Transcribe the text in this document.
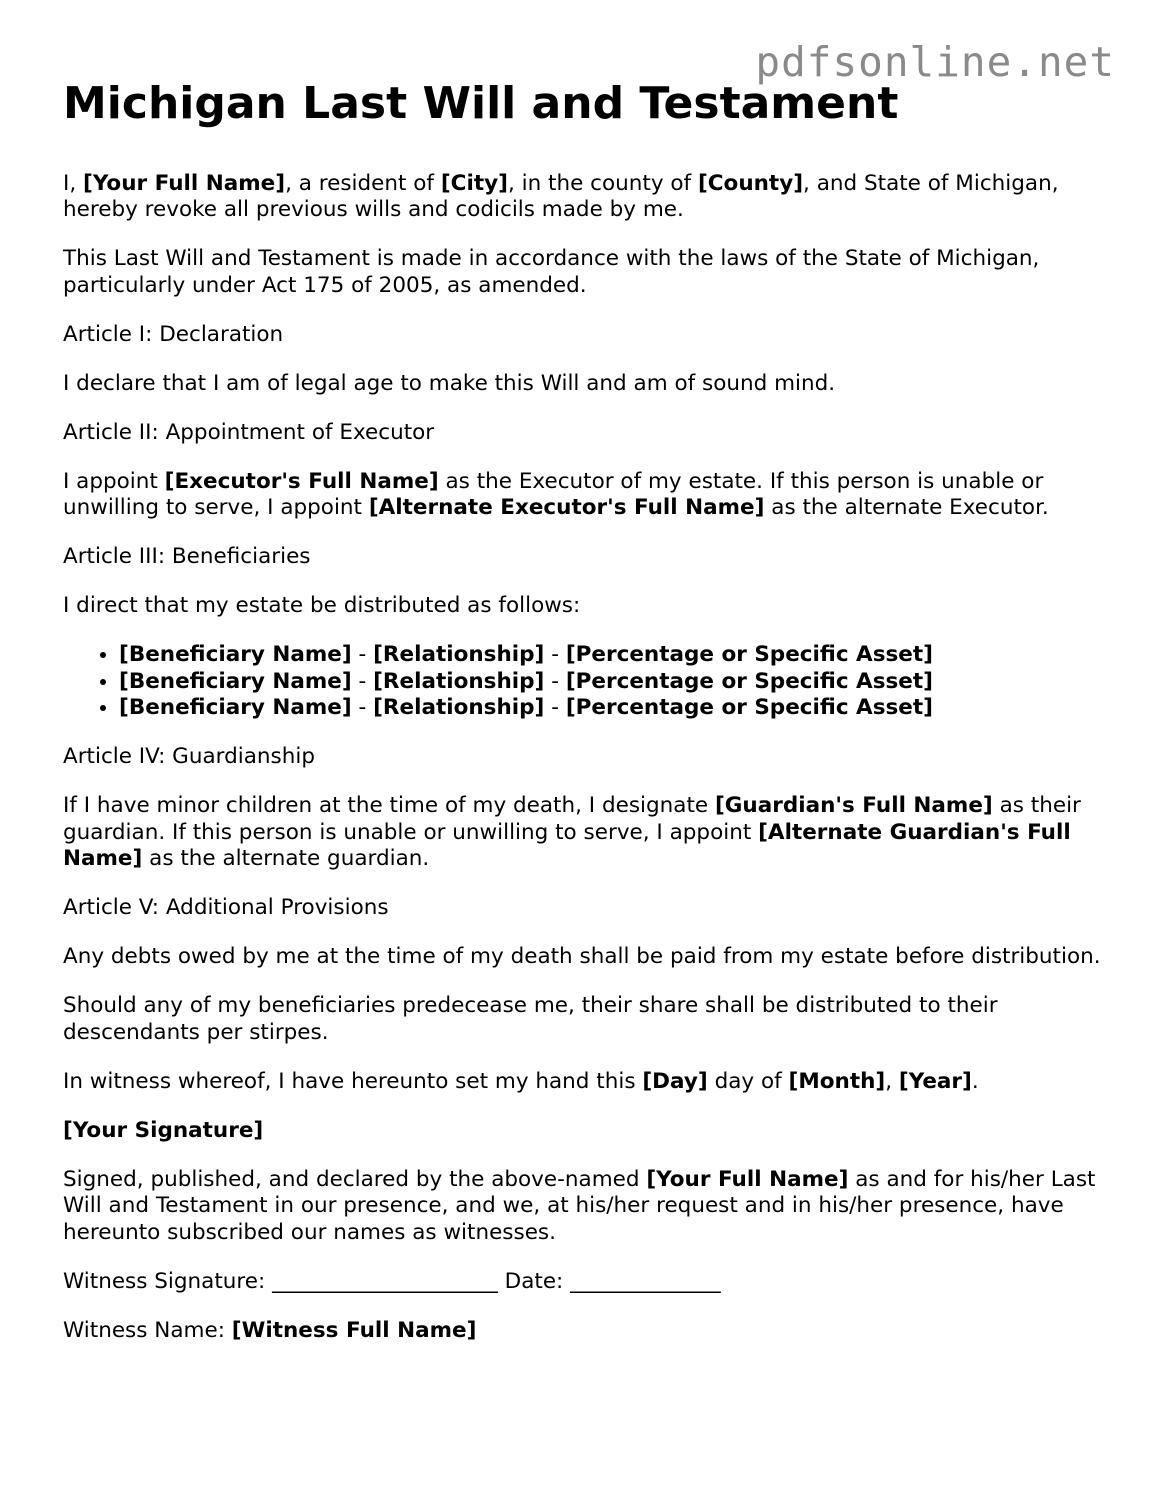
pdfsonline.net
Michigan Last Will and Testament

I, [Your Full Name], a resident of [City], in the county of [County], and State of Michigan, hereby revoke all previous wills and codicils made by me.

This Last Will and Testament is made in accordance with the laws of the State of Michigan, particularly under Act 175 of 2005, as amended.

Article I: Declaration

I declare that I am of legal age to make this Will and am of sound mind.

Article II: Appointment of Executor

I appoint [Executor's Full Name] as the Executor of my estate. If this person is unable or unwilling to serve, I appoint [Alternate Executor's Full Name] as the alternate Executor.

Article III: Beneficiaries

I direct that my estate be distributed as follows:

• [Beneficiary Name] - [Relationship] - [Percentage or Specific Asset]
• [Beneficiary Name] - [Relationship] - [Percentage or Specific Asset]
• [Beneficiary Name] - [Relationship] - [Percentage or Specific Asset]

Article IV: Guardianship

If I have minor children at the time of my death, I designate [Guardian's Full Name] as their guardian. If this person is unable or unwilling to serve, I appoint [Alternate Guardian's Full Name] as the alternate guardian.

Article V: Additional Provisions

Any debts owed by me at the time of my death shall be paid from my estate before distribution.

Should any of my beneficiaries predecease me, their share shall be distributed to their descendants per stirpes.

In witness whereof, I have hereunto set my hand this [Day] day of [Month], [Year].

[Your Signature]

Signed, published, and declared by the above-named [Your Full Name] as and for his/her Last Will and Testament in our presence, and we, at his/her request and in his/her presence, have hereunto subscribed our names as witnesses.

Witness Signature: _____________________ Date: ______________

Witness Name: [Witness Full Name]
